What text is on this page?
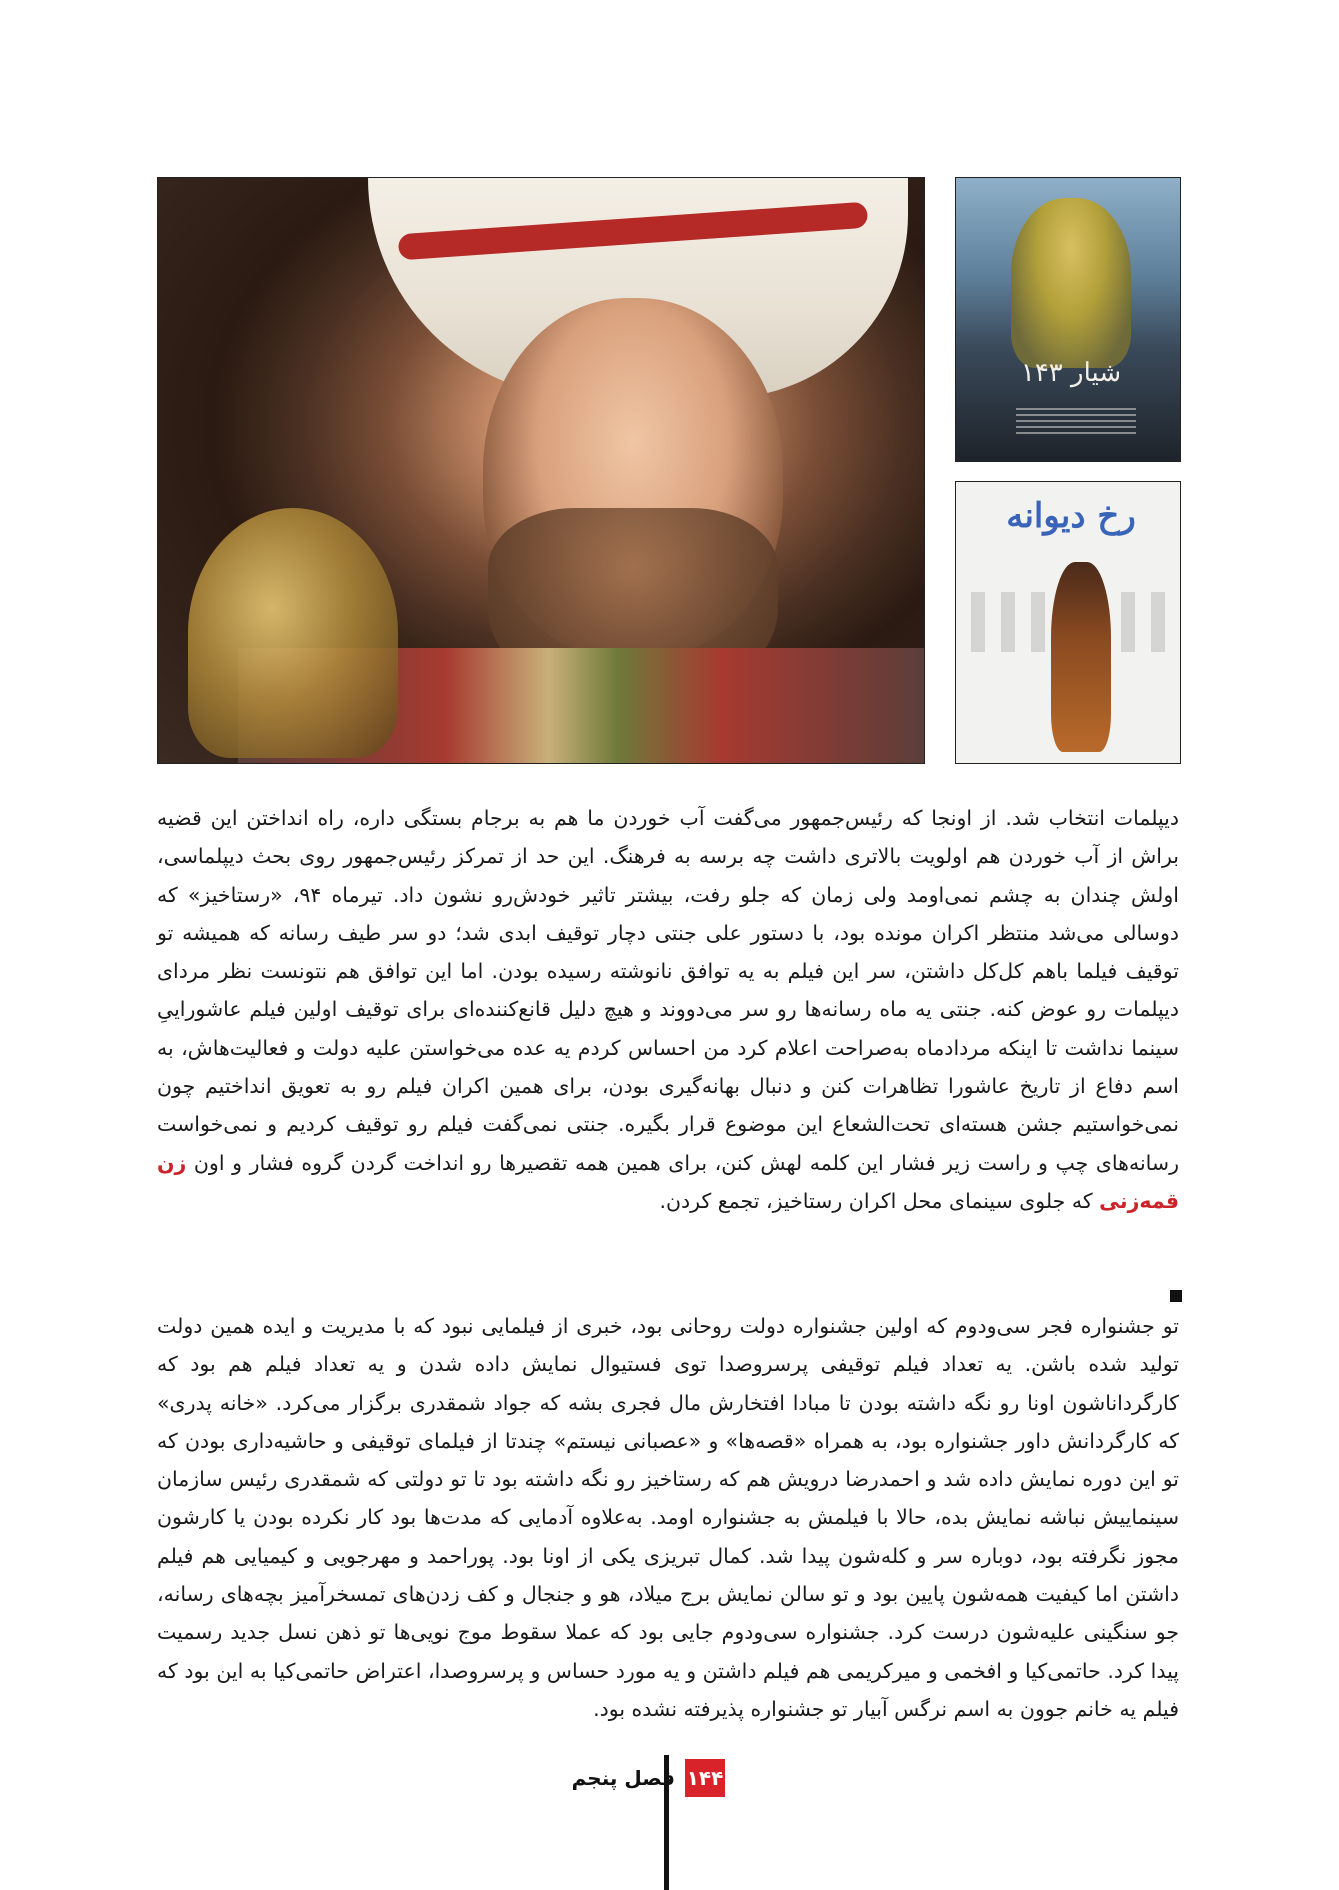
شیار ۱۴۳
رخ دیوانه

دیپلمات انتخاب شد. از اونجا که رئیس‌جمهور می‌گفت آب خوردن ما هم به برجام بستگی داره، راه انداختن این قضیه براش از آب خوردن هم اولویت بالاتری داشت چه برسه به فرهنگ. این حد از تمرکز رئیس‌جمهور روی بحث دیپلماسی، اولش چندان به چشم نمی‌اومد ولی زمان که جلو رفت، بیشتر تاثیر خودش‌رو نشون داد. تیرماه ۹۴، «رستاخیز» که دوسالی می‌شد منتظر اکران مونده بود، با دستور علی جنتی دچار توقیف ابدی شد؛ دو سر طیف رسانه که همیشه تو توقیف فیلما باهم کل‌کل داشتن، سر این فیلم به یه توافق نانوشته رسیده بودن. اما این توافق هم نتونست نظر مردای دیپلمات رو عوض کنه. جنتی یه ماه رسانه‌ها رو سر می‌دووند و هیچ دلیل قانع‌کننده‌ای برای توقیف اولین فیلم عاشوراییِ سینما نداشت تا اینکه مردادماه به‌صراحت اعلام کرد من احساس کردم یه عده می‌خواستن علیه دولت و فعالیت‌هاش، به اسم دفاع از تاریخ عاشورا تظاهرات کنن و دنبال بهانه‌گیری بودن، برای همین اکران فیلم رو به تعویق انداختیم چون نمی‌خواستیم جشن هسته‌ای تحت‌الشعاع این موضوع قرار بگیره. جنتی نمی‌گفت فیلم رو توقیف کردیم و نمی‌خواست رسانه‌های چپ و راست زیر فشار این کلمه لهش کنن، برای همین همه تقصیرها رو انداخت گردن گروه فشار و اون زن قمه‌زنی که جلوی سینمای محل اکران رستاخیز، تجمع کردن.

تو جشنواره فجر سی‌ودوم که اولین جشنواره دولت روحانی بود، خبری از فیلمایی نبود که با مدیریت و ایده همین دولت تولید شده باشن. یه تعداد فیلم توقیفی پرسروصدا توی فستیوال نمایش داده شدن و یه تعداد فیلم هم بود که کارگرداناشون اونا رو نگه داشته بودن تا مبادا افتخارش مال فجری بشه که جواد شمقدری برگزار می‌کرد. «خانه پدری» که کارگردانش داور جشنواره بود، به همراه «قصه‌ها» و «عصبانی نیستم» چندتا از فیلمای توقیفی و حاشیه‌داری بودن که تو این دوره نمایش داده شد و احمدرضا درویش هم که رستاخیز رو نگه داشته بود تا تو دولتی که شمقدری رئیس سازمان سینماییش نباشه نمایش بده، حالا با فیلمش به جشنواره اومد. به‌علاوه آدمایی که مدت‌ها بود کار نکرده بودن یا کارشون مجوز نگرفته بود، دوباره سر و کله‌شون پیدا شد. کمال تبریزی یکی از اونا بود. پوراحمد و مهرجویی و کیمیایی هم فیلم داشتن اما کیفیت همه‌شون پایین بود و تو سالن نمایش برج میلاد، هو و جنجال و کف زدن‌های تمسخرآمیز بچه‌های رسانه، جو سنگینی علیه‌شون درست کرد. جشنواره سی‌ودوم جایی بود که عملا سقوط موج نویی‌ها تو ذهن نسل جدید رسمیت پیدا کرد. حاتمی‌کیا و افخمی و میرکریمی هم فیلم داشتن و یه مورد حساس و پرسروصدا، اعتراض حاتمی‌کیا به این بود که فیلم یه خانم جوون به اسم نرگس آبیار تو جشنواره پذیرفته نشده بود.

۱۴۴
فصل پنجم
